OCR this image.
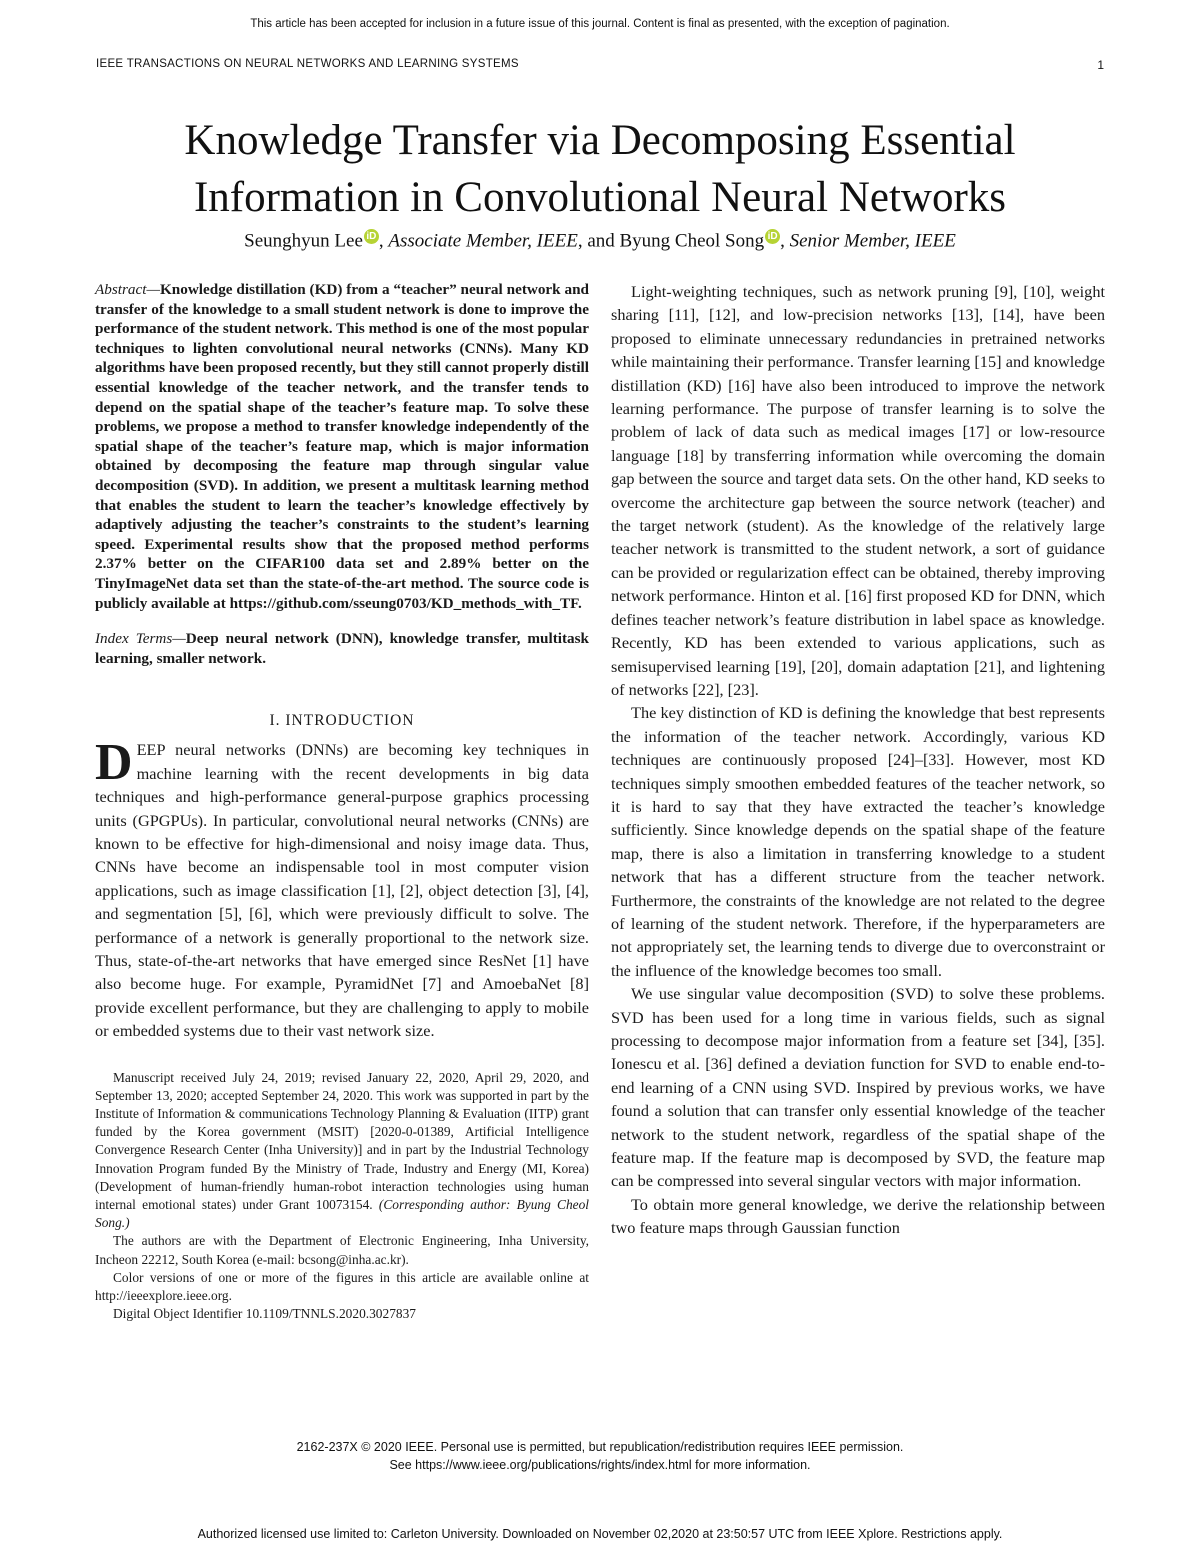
This article has been accepted for inclusion in a future issue of this journal. Content is final as presented, with the exception of pagination.
IEEE TRANSACTIONS ON NEURAL NETWORKS AND LEARNING SYSTEMS	1
Knowledge Transfer via Decomposing Essential
Information in Convolutional Neural Networks
Seunghyun Lee iD , Associate Member, IEEE, and Byung Cheol Song iD , Senior Member, IEEE
Abstract—Knowledge distillation (KD) from a “teacher” neural network and transfer of the knowledge to a small student network is done to improve the performance of the student network. This method is one of the most popular techniques to lighten convolutional neural networks (CNNs). Many KD algorithms have been proposed recently, but they still cannot properly distill essential knowledge of the teacher network, and the transfer tends to depend on the spatial shape of the teacher’s feature map. To solve these problems, we propose a method to transfer knowledge independently of the spatial shape of the teacher’s feature map, which is major information obtained by decomposing the feature map through singular value decomposition (SVD). In addition, we present a multitask learning method that enables the student to learn the teacher’s knowledge effectively by adaptively adjusting the teacher’s constraints to the student’s learning speed. Experimental results show that the proposed method performs 2.37% better on the CIFAR100 data set and 2.89% better on the TinyImageNet data set than the state-of-the-art method. The source code is publicly available at https://github.com/sseung0703/KD_methods_with_TF.
Index Terms—Deep neural network (DNN), knowledge transfer, multitask learning, smaller network.
I. INTRODUCTION

DEEP neural networks (DNNs) are becoming key techniques in machine learning with the recent developments in big data techniques and high-performance general-purpose graphics processing units (GPGPUs). In particular, convolutional neural networks (CNNs) are known to be effective for high-dimensional and noisy image data. Thus, CNNs have become an indispensable tool in most computer vision applications, such as image classification [1], [2], object detection [3], [4], and segmentation [5], [6], which were previously difficult to solve. The performance of a network is generally proportional to the network size. Thus, state-of-the-art networks that have emerged since ResNet [1] have also become huge. For example, PyramidNet [7] and AmoebaNet [8] provide excellent performance, but they are challenging to apply to mobile or embedded systems due to their vast network size.

Manuscript received July 24, 2019; revised January 22, 2020, April 29, 2020, and September 13, 2020; accepted September 24, 2020. This work was supported in part by the Institute of Information & communications Technology Planning & Evaluation (IITP) grant funded by the Korea government (MSIT) [2020-0-01389, Artificial Intelligence Convergence Research Center (Inha University)] and in part by the Industrial Technology Innovation Program funded By the Ministry of Trade, Industry and Energy (MI, Korea) (Development of human-friendly human-robot interaction technologies using human internal emotional states) under Grant 10073154. (Corresponding author: Byung Cheol Song.)

The authors are with the Department of Electronic Engineering, Inha University, Incheon 22212, South Korea (e-mail: bcsong@inha.ac.kr).

Color versions of one or more of the figures in this article are available online at http://ieeexplore.ieee.org.

Digital Object Identifier 10.1109/TNNLS.2020.3027837

Light-weighting techniques, such as network pruning [9], [10], weight sharing [11], [12], and low-precision networks [13], [14], have been proposed to eliminate unnecessary redundancies in pretrained networks while maintaining their performance. Transfer learning [15] and knowledge distillation (KD) [16] have also been introduced to improve the network learning performance. The purpose of transfer learning is to solve the problem of lack of data such as medical images [17] or low-resource language [18] by transferring information while overcoming the domain gap between the source and target data sets. On the other hand, KD seeks to overcome the architecture gap between the source network (teacher) and the target network (student). As the knowledge of the relatively large teacher network is transmitted to the student network, a sort of guidance can be provided or regularization effect can be obtained, thereby improving network performance. Hinton et al. [16] first proposed KD for DNN, which defines teacher network’s feature distribution in label space as knowledge. Recently, KD has been extended to various applications, such as semisupervised learning [19], [20], domain adaptation [21], and lightening of networks [22], [23].

The key distinction of KD is defining the knowledge that best represents the information of the teacher network. Accordingly, various KD techniques are continuously proposed [24]–[33]. However, most KD techniques simply smoothen embedded features of the teacher network, so it is hard to say that they have extracted the teacher’s knowledge sufficiently. Since knowledge depends on the spatial shape of the feature map, there is also a limitation in transferring knowledge to a student network that has a different structure from the teacher network. Furthermore, the constraints of the knowledge are not related to the degree of learning of the student network. Therefore, if the hyperparameters are not appropriately set, the learning tends to diverge due to overconstraint or the influence of the knowledge becomes too small.

We use singular value decomposition (SVD) to solve these problems. SVD has been used for a long time in various fields, such as signal processing to decompose major information from a feature set [34], [35]. Ionescu et al. [36] defined a deviation function for SVD to enable end-to-end learning of a CNN using SVD. Inspired by previous works, we have found a solution that can transfer only essential knowledge of the teacher network to the student network, regardless of the spatial shape of the feature map. If the feature map is decomposed by SVD, the feature map can be compressed into several singular vectors with major information.

To obtain more general knowledge, we derive the relationship between two feature maps through Gaussian function

2162-237X © 2020 IEEE. Personal use is permitted, but republication/redistribution requires IEEE permission.
See https://www.ieee.org/publications/rights/index.html for more information.
Authorized licensed use limited to: Carleton University. Downloaded on November 02,2020 at 23:50:57 UTC from IEEE Xplore. Restrictions apply.
